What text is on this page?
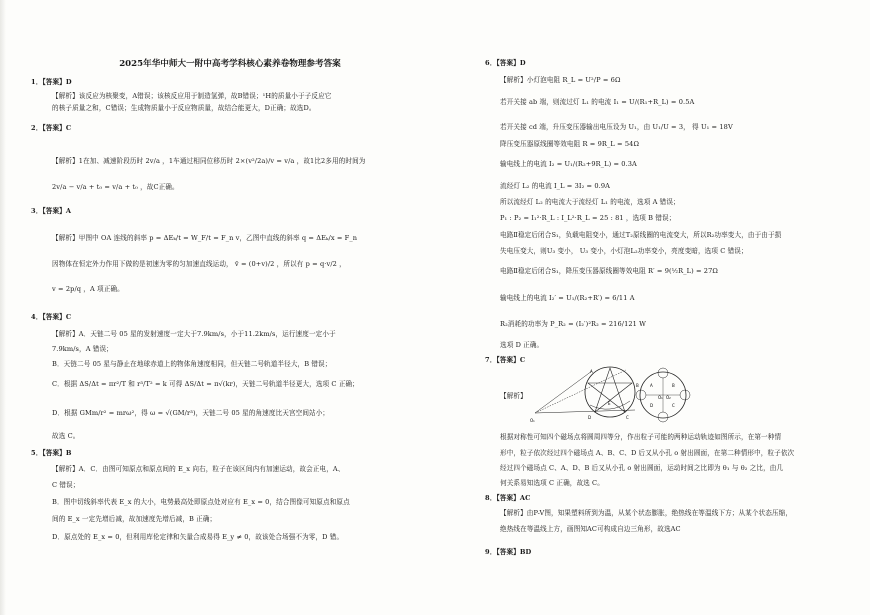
2025年华中师大一附中高考学科核心素养卷物理参考答案
1．【答案】D
【解析】该反应为核聚变，A错误；该核反应用于制造氢弹，故B错误；¹H的质量小于子反应它
的核子质量之和，C错误；生成物质量小于反应物质量，故结合能更大，D正确；故选D。
2．【答案】C
【解析】1在加、减速阶段历时 2v/a ，1车通过相同位移历时 2×(v²/2a)/v = v/a ，故1比2多用的时间为
2v/a − v/a + t₀ = v/a + t₀ ，故C正确。
3．【答案】A
【解析】甲图中 OA 连线的斜率 p = ΔEₖ/t = W_F/t = F_n v，乙图中直线的斜率 q = ΔEₖ/x = F_n
因物体在恒定外力作用下做的是初速为零的匀加速直线运动， v̄ = (0+v)/2 ，所以有 p = q·v/2 ，
v = 2p/q ，A 项正确。
4．【答案】C
【解析】A．天链二号 05 星的发射速度一定大于7.9km/s，小于11.2km/s，运行速度一定小于
7.9km/s，A 错误；
B．天链二号 05 星与静止在地球赤道上的物体角速度相同，但天链二号轨道半径大，B 错误；
C．根据 ΔS/Δt = πr²/T 和 r³/T² = k 可得 ΔS/Δt = π√(kr)，天链二号轨道半径更大，选项 C 正确；
D．根据 GMm/r² = mrω²，得 ω = √(GM/r³)，天链二号 05 星的角速度比天宫空间站小；
故选 C。
5．【答案】B
【解析】A．C．由图可知原点和原点间的 E_x 向右，粒子在该区间内有加速运动，故会正电，A、
C 错误；
B．图中切线斜率代表 E_x 的大小，电势最高处即原点处对应有 E_x = 0，结合图像可知原点和原点
间的 E_x 一定先增后减，故加速度先增后减，B 正确；
D．原点处的 E_x = 0，但利用库伦定律和矢量合成易得 E_y ≠ 0，故该处合场强不为零，D 错。
6．【答案】D
【解析】小灯泡电阻 R_L = U²/P = 6Ω
若开关接 ab 端，则流过灯 L₁ 的电流 I₁ = U/(R₁+R_L) = 0.5A
若开关接 cd 端，升压变压器输出电压设为 U₁，由 U₁/U = 3， 得 U₁ = 18V
降压变压器原线圈等效电阻 R = 9R_L = 54Ω
输电线上的电流 I₂ = U₁/(R₂+9R_L) = 0.3A
流经灯 L₂ 的电流 I_L = 3I₂ = 0.9A
所以流经灯 L₂ 的电流大于流经灯 L₁ 的电流，选项 A 错误；
P₁ : P₂ = I₁²·R_L : I_L²·R_L = 25 : 81 ，选项 B 错误；
电路Ⅱ稳定后闭合S₁，负载电阻变小，通过T₂原线圈的电流变大，所以R₂功率变大，由于由于损
失电压变大，则U₃ 变小， U₃ 变小，小灯泡L₂功率变小，亮度变暗，选项 C 错误；
电路Ⅱ稳定后闭合S₁，降压变压器原线圈等效电阻 R′ = 9(½R_L) = 27Ω
输电线上的电流 I₂′ = U₁/(R₂+R′) = 6/11 A
R₂消耗的功率为 P_R₂ = (I₂′)²R₂ = 216/121 W
选项 D 正确。
7．【答案】C
【解析】
根据对称性可知四个磁场点将圆周四等分，作出粒子可能的两种运动轨迹如图所示，在第一种情
形中，粒子依次经过四个磁场点 A、B、C、D 后又从小孔 o 射出圆面，在第二种情形中，粒子依次
经过四个磁场点 C、A、D、B 后又从小孔 o 射出圆面，运动时间之比即为 θ₁ 与 θ₂ 之比，由几
何关系易知选项 C 正确，故选 C。
8．【答案】AC
【解析】由P-V图，知果塑料所到为温，从某个状态膨胀，绝热线在等温线下方；从某个状态压缩，
绝热线在等温线上方，画图知AC可构成自边三角形，故选AC
9．【答案】BD
A
B
C
D
E
O₁
A	B
C
D
O₁ O₂
